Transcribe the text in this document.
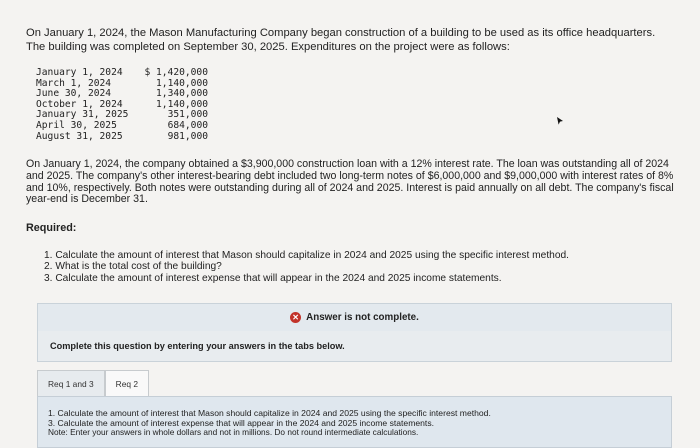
On January 1, 2024, the Mason Manufacturing Company began construction of a building to be used as its office headquarters. The building was completed on September 30, 2025. Expenditures on the project were as follows:
January 1, 2024	$ 1,420,000
March 1, 2024	1,140,000
June 30, 2024	1,340,000
October 1, 2024	1,140,000
January 31, 2025	351,000
April 30, 2025	684,000
August 31, 2025	981,000
On January 1, 2024, the company obtained a $3,900,000 construction loan with a 12% interest rate. The loan was outstanding all of 2024 and 2025. The company's other interest-bearing debt included two long-term notes of $6,000,000 and $9,000,000 with interest rates of 8% and 10%, respectively. Both notes were outstanding during all of 2024 and 2025. Interest is paid annually on all debt. The company's fiscal year-end is December 31.
Required:
1. Calculate the amount of interest that Mason should capitalize in 2024 and 2025 using the specific interest method.
2. What is the total cost of the building?
3. Calculate the amount of interest expense that will appear in the 2024 and 2025 income statements.
✕ Answer is not complete.
Complete this question by entering your answers in the tabs below.
Req 1 and 3	Req 2
1. Calculate the amount of interest that Mason should capitalize in 2024 and 2025 using the specific interest method.
3. Calculate the amount of interest expense that will appear in the 2024 and 2025 income statements.
Note: Enter your answers in whole dollars and not in millions. Do not round intermediate calculations.
